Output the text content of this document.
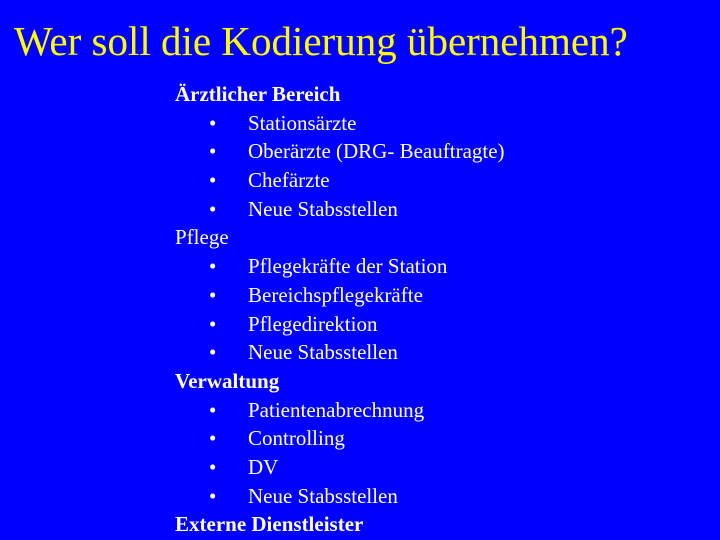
Wer soll die Kodierung übernehmen?
Ärztlicher Bereich
• Stationsärzte
• Oberärzte (DRG- Beauftragte)
• Chefärzte
• Neue Stabsstellen
Pflege
• Pflegekräfte der Station
• Bereichspflegekräfte
• Pflegedirektion
• Neue Stabsstellen
Verwaltung
• Patientenabrechnung
• Controlling
• DV
• Neue Stabsstellen
Externe Dienstleister
